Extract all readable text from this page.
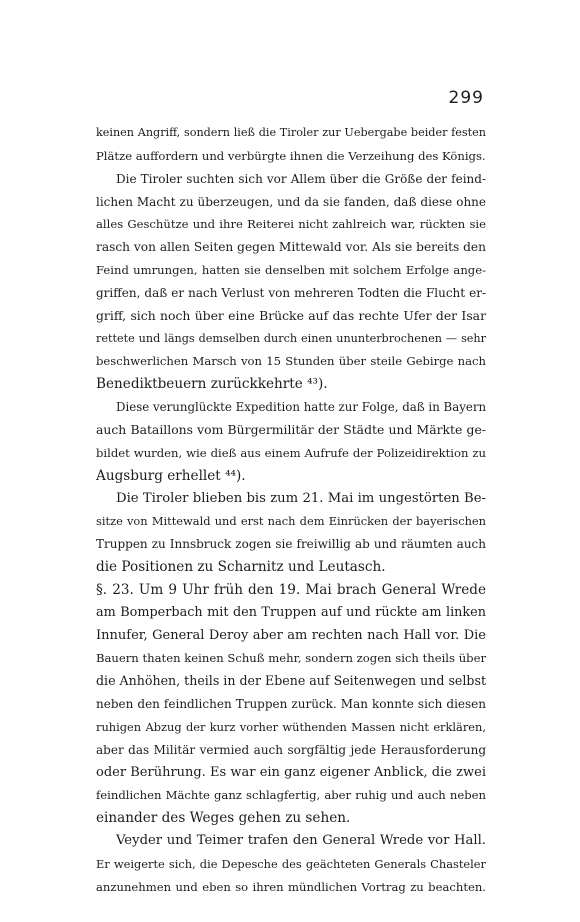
299
keinen Angriff, sondern ließ die Tiroler zur Uebergabe beider festen
Plätze auffordern und verbürgte ihnen die Verzeihung des Königs.
Die Tiroler suchten sich vor Allem über die Größe der feind-
lichen Macht zu überzeugen, und da sie fanden, daß diese ohne
alles Geschütze und ihre Reiterei nicht zahlreich war, rückten sie
rasch von allen Seiten gegen Mittewald vor. Als sie bereits den
Feind umrungen, hatten sie denselben mit solchem Erfolge ange-
griffen, daß er nach Verlust von mehreren Todten die Flucht er-
griff, sich noch über eine Brücke auf das rechte Ufer der Isar
rettete und längs demselben durch einen ununterbrochenen — sehr
beschwerlichen Marsch von 15 Stunden über steile Gebirge nach
Benediktbeuern zurückkehrte ⁴³).
Diese verunglückte Expedition hatte zur Folge, daß in Bayern
auch Bataillons vom Bürgermilitär der Städte und Märkte ge-
bildet wurden, wie dieß aus einem Aufrufe der Polizeidirektion zu
Augsburg erhellet ⁴⁴).
Die Tiroler blieben bis zum 21. Mai im ungestörten Be-
sitze von Mittewald und erst nach dem Einrücken der bayerischen
Truppen zu Innsbruck zogen sie freiwillig ab und räumten auch
die Positionen zu Scharnitz und Leutasch.
§. 23. Um 9 Uhr früh den 19. Mai brach General Wrede
am Bomperbach mit den Truppen auf und rückte am linken
Innufer, General Deroy aber am rechten nach Hall vor. Die
Bauern thaten keinen Schuß mehr, sondern zogen sich theils über
die Anhöhen, theils in der Ebene auf Seitenwegen und selbst
neben den feindlichen Truppen zurück. Man konnte sich diesen
ruhigen Abzug der kurz vorher wüthenden Massen nicht erklären,
aber das Militär vermied auch sorgfältig jede Herausforderung
oder Berührung. Es war ein ganz eigener Anblick, die zwei
feindlichen Mächte ganz schlagfertig, aber ruhig und auch neben
einander des Weges gehen zu sehen.
Veyder und Teimer trafen den General Wrede vor Hall.
Er weigerte sich, die Depesche des geächteten Generals Chasteler
anzunehmen und eben so ihren mündlichen Vortrag zu beachten.
